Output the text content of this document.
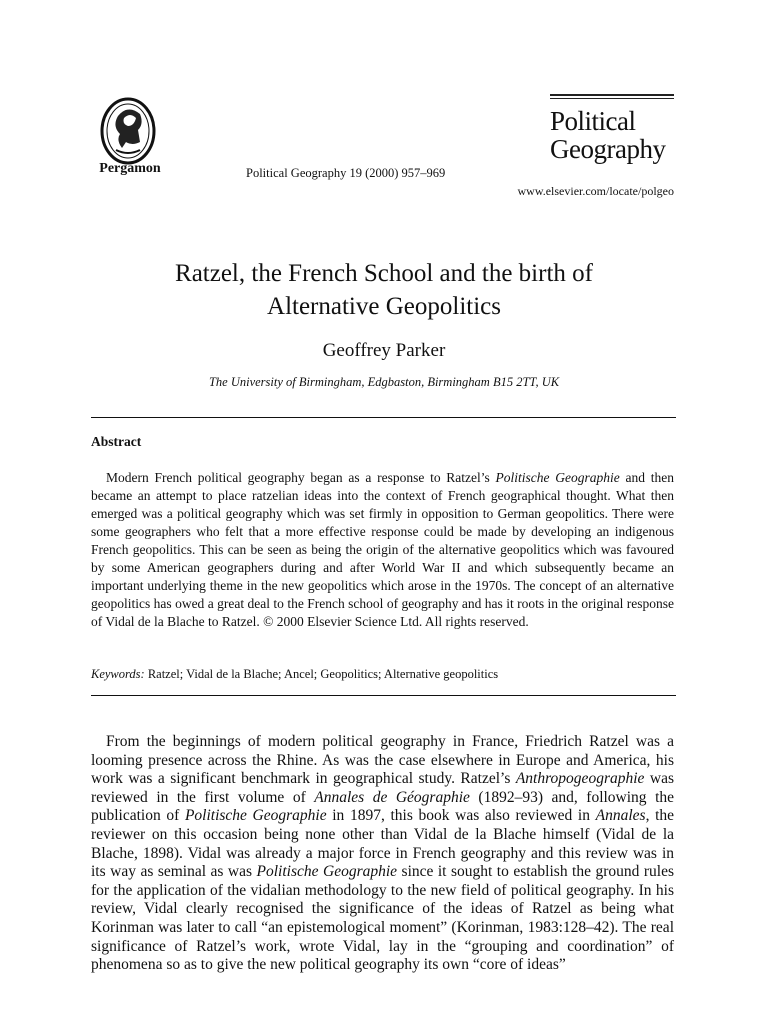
Pergamon	Political Geography 19 (2000) 957–969
Political
Geography
www.elsevier.com/locate/polgeo
Ratzel, the French School and the birth of
Alternative Geopolitics
Geoffrey Parker
The University of Birmingham, Edgbaston, Birmingham B15 2TT, UK
Abstract
Modern French political geography began as a response to Ratzel’s Politische Geographie and then became an attempt to place ratzelian ideas into the context of French geographical thought. What then emerged was a political geography which was set firmly in opposition to German geopolitics. There were some geographers who felt that a more effective response could be made by developing an indigenous French geopolitics. This can be seen as being the origin of the alternative geopolitics which was favoured by some American geographers during and after World War II and which subsequently became an important underlying theme in the new geopolitics which arose in the 1970s. The concept of an alternative geopolitics has owed a great deal to the French school of geography and has it roots in the original response of Vidal de la Blache to Ratzel. © 2000 Elsevier Science Ltd. All rights reserved.
Keywords: Ratzel; Vidal de la Blache; Ancel; Geopolitics; Alternative geopolitics
From the beginnings of modern political geography in France, Friedrich Ratzel was a looming presence across the Rhine. As was the case elsewhere in Europe and America, his work was a significant benchmark in geographical study. Ratzel’s Anthropogeographie was reviewed in the first volume of Annales de Géographie (1892–93) and, following the publication of Politische Geographie in 1897, this book was also reviewed in Annales, the reviewer on this occasion being none other than Vidal de la Blache himself (Vidal de la Blache, 1898). Vidal was already a major force in French geography and this review was in its way as seminal as was Politische Geographie since it sought to establish the ground rules for the application of the vidalian methodology to the new field of political geography. In his review, Vidal clearly recognised the significance of the ideas of Ratzel as being what Korinman was later to call “an epistemological moment” (Korinman, 1983:128–42). The real significance of Ratzel’s work, wrote Vidal, lay in the “grouping and coordination” of phenomena so as to give the new political geography its own “core of ideas”
